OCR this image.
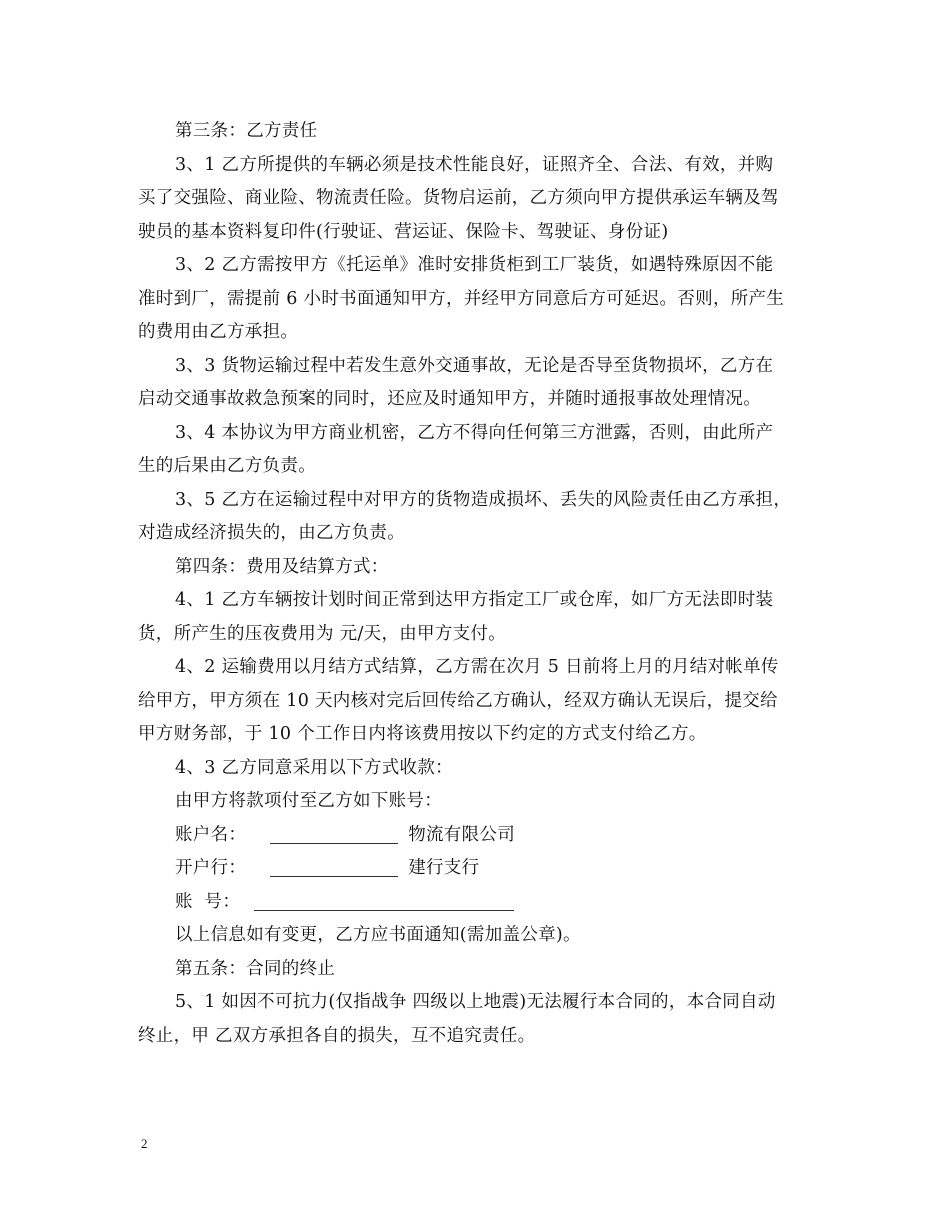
第三条：乙方责任
3、1 乙方所提供的车辆必须是技术性能良好，证照齐全、合法、有效，并购
买了交强险、商业险、物流责任险。货物启运前，乙方须向甲方提供承运车辆及驾
驶员的基本资料复印件(行驶证、营运证、保险卡、驾驶证、身份证)
3、2 乙方需按甲方《托运单》准时安排货柜到工厂装货，如遇特殊原因不能
准时到厂，需提前 6 小时书面通知甲方，并经甲方同意后方可延迟。否则，所产生
的费用由乙方承担。
3、3 货物运输过程中若发生意外交通事故，无论是否导至货物损坏，乙方在
启动交通事故救急预案的同时，还应及时通知甲方，并随时通报事故处理情况。
3、4 本协议为甲方商业机密，乙方不得向任何第三方泄露，否则，由此所产
生的后果由乙方负责。
3、5 乙方在运输过程中对甲方的货物造成损坏、丢失的风险责任由乙方承担，
对造成经济损失的，由乙方负责。
第四条：费用及结算方式：
4、1 乙方车辆按计划时间正常到达甲方指定工厂或仓库，如厂方无法即时装
货，所产生的压夜费用为 元/天，由甲方支付。
4、2 运输费用以月结方式结算，乙方需在次月 5 日前将上月的月结对帐单传
给甲方，甲方须在 10 天内核对完后回传给乙方确认，经双方确认无误后，提交给
甲方财务部，于 10 个工作日内将该费用按以下约定的方式支付给乙方。
4、3 乙方同意采用以下方式收款：
由甲方将款项付至乙方如下账号：
账户名：	物流有限公司
开户行：	建行支行
账  号：
以上信息如有变更，乙方应书面通知(需加盖公章)。
第五条：合同的终止
5、1 如因不可抗力(仅指战争 四级以上地震)无法履行本合同的，本合同自动
终止，甲 乙双方承担各自的损失，互不追究责任。
2
